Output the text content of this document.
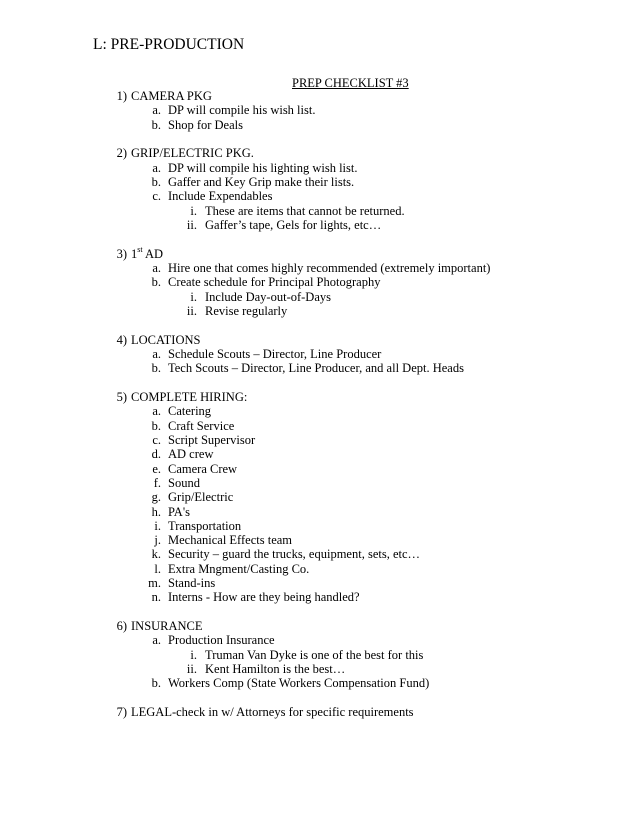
L: PRE-PRODUCTION
PREP CHECKLIST #3
1) CAMERA PKG
a. DP will compile his wish list.
b. Shop for Deals
2) GRIP/ELECTRIC PKG.
a. DP will compile his lighting wish list.
b. Gaffer and Key Grip make their lists.
c. Include Expendables
i. These are items that cannot be returned.
ii. Gaffer’s tape, Gels for lights, etc…
3) 1st AD
a. Hire one that comes highly recommended (extremely important)
b. Create schedule for Principal Photography
i. Include Day-out-of-Days
ii. Revise regularly
4) LOCATIONS
a. Schedule Scouts – Director, Line Producer
b. Tech Scouts – Director, Line Producer, and all Dept. Heads
5) COMPLETE HIRING:
a. Catering
b. Craft Service
c. Script Supervisor
d. AD crew
e. Camera Crew
f. Sound
g. Grip/Electric
h. PA's
i. Transportation
j. Mechanical Effects team
k. Security – guard the trucks, equipment, sets, etc…
l. Extra Mngment/Casting Co.
m. Stand-ins
n. Interns - How are they being handled?
6) INSURANCE
a. Production Insurance
i. Truman Van Dyke is one of the best for this
ii. Kent Hamilton is the best…
b. Workers Comp (State Workers Compensation Fund)
7) LEGAL-check in w/ Attorneys for specific requirements
